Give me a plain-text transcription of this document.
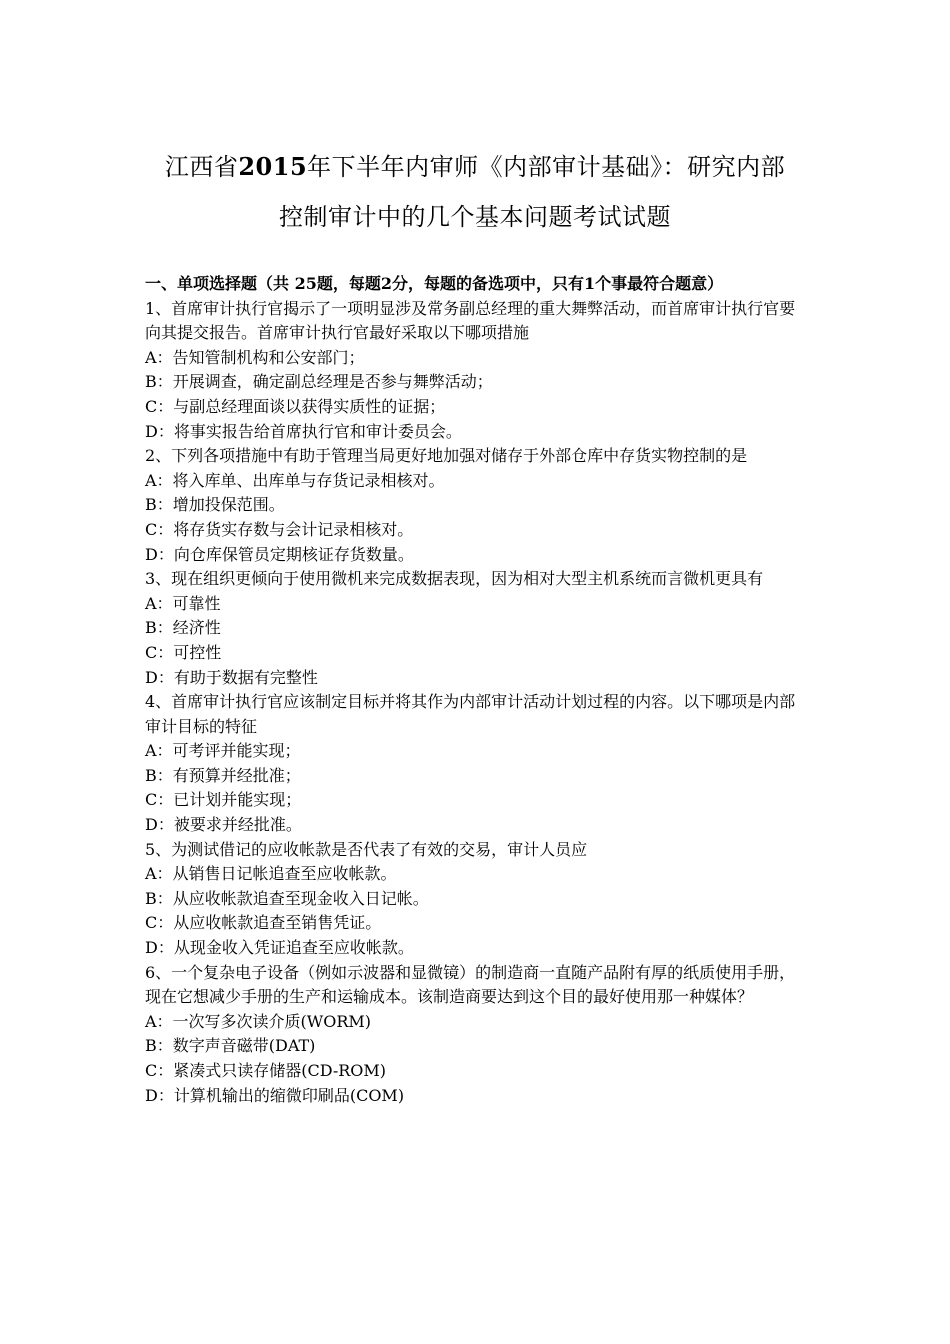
江西省2015年下半年内审师《内部审计基础》：研究内部
控制审计中的几个基本问题考试试题
一、单项选择题（共 25题，每题2分，每题的备选项中，只有1个事最符合题意）
1、首席审计执行官揭示了一项明显涉及常务副总经理的重大舞弊活动，而首席审计执行官要向其提交报告。首席审计执行官最好采取以下哪项措施
A：告知管制机构和公安部门；
B：开展调查，确定副总经理是否参与舞弊活动；
C：与副总经理面谈以获得实质性的证据；
D：将事实报告给首席执行官和审计委员会。
2、下列各项措施中有助于管理当局更好地加强对储存于外部仓库中存货实物控制的是
A：将入库单、出库单与存货记录相核对。
B：增加投保范围。
C：将存货实存数与会计记录相核对。
D：向仓库保管员定期核证存货数量。
3、现在组织更倾向于使用微机来完成数据表现，因为相对大型主机系统而言微机更具有
A：可靠性
B：经济性
C：可控性
D：有助于数据有完整性
4、首席审计执行官应该制定目标并将其作为内部审计活动计划过程的内容。以下哪项是内部审计目标的特征
A：可考评并能实现；
B：有预算并经批准；
C：已计划并能实现；
D：被要求并经批准。
5、为测试借记的应收帐款是否代表了有效的交易，审计人员应
A：从销售日记帐追查至应收帐款。
B：从应收帐款追查至现金收入日记帐。
C：从应收帐款追查至销售凭证。
D：从现金收入凭证追查至应收帐款。
6、一个复杂电子设备（例如示波器和显微镜）的制造商一直随产品附有厚的纸质使用手册，现在它想减少手册的生产和运输成本。该制造商要达到这个目的最好使用那一种媒体？
A：一次写多次读介质(WORM)
B：数字声音磁带(DAT)
C：紧凑式只读存储器(CD-ROM)
D：计算机输出的缩微印刷品(COM)
